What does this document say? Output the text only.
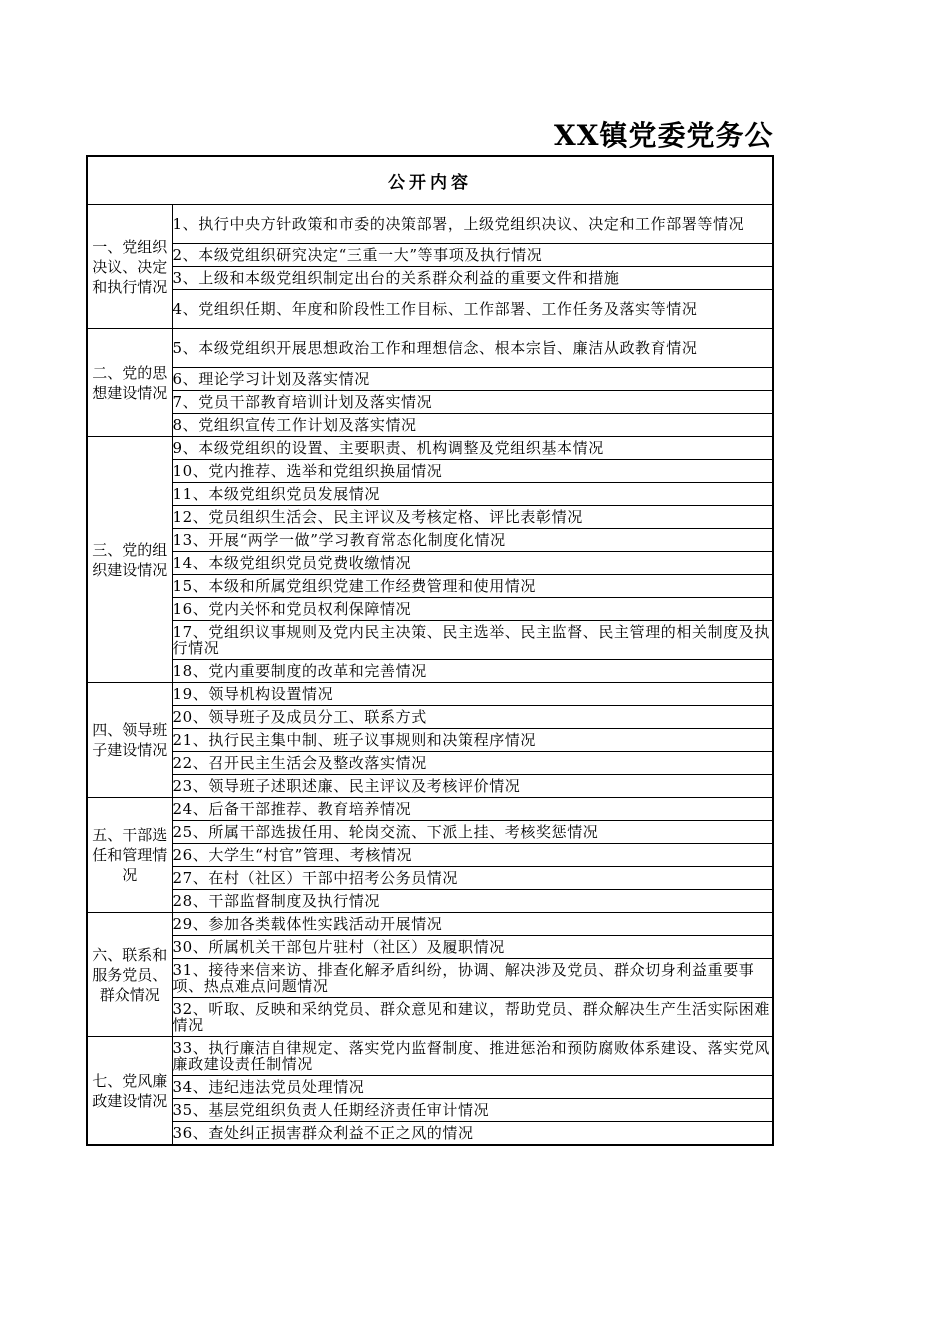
XX镇党委党务公
公开内容	
一、党组织决议、决定和执行情况	1、执行中央方针政策和市委的决策部署，上级党组织决议、决定和工作部署等情况
	2、本级党组织研究决定“三重一大”等事项及执行情况
	3、上级和本级党组织制定出台的关系群众利益的重要文件和措施
	4、党组织任期、年度和阶段性工作目标、工作部署、工作任务及落实等情况
二、党的思想建设情况	5、本级党组织开展思想政治工作和理想信念、根本宗旨、廉洁从政教育情况
	6、理论学习计划及落实情况
	7、党员干部教育培训计划及落实情况
	8、党组织宣传工作计划及落实情况
三、党的组织建设情况	9、本级党组织的设置、主要职责、机构调整及党组织基本情况
	10、党内推荐、选举和党组织换届情况
	11、本级党组织党员发展情况
	12、党员组织生活会、民主评议及考核定格、评比表彰情况
	13、开展“两学一做”学习教育常态化制度化情况
	14、本级党组织党员党费收缴情况
	15、本级和所属党组织党建工作经费管理和使用情况
	16、党内关怀和党员权利保障情况
	17、党组织议事规则及党内民主决策、民主选举、民主监督、民主管理的相关制度及执行情况
	18、党内重要制度的改革和完善情况
四、领导班子建设情况	19、领导机构设置情况
	20、领导班子及成员分工、联系方式
	21、执行民主集中制、班子议事规则和决策程序情况
	22、召开民主生活会及整改落实情况
	23、领导班子述职述廉、民主评议及考核评价情况
五、干部选任和管理情况	24、后备干部推荐、教育培养情况
	25、所属干部选拔任用、轮岗交流、下派上挂、考核奖惩情况
	26、大学生“村官”管理、考核情况
	27、在村（社区）干部中招考公务员情况
	28、干部监督制度及执行情况
六、联系和服务党员、群众情况	29、参加各类载体性实践活动开展情况
	30、所属机关干部包片驻村（社区）及履职情况
	31、接待来信来访、排查化解矛盾纠纷，协调、解决涉及党员、群众切身利益重要事项、热点难点问题情况
	32、听取、反映和采纳党员、群众意见和建议，帮助党员、群众解决生产生活实际困难情况
七、党风廉政建设情况	33、执行廉洁自律规定、落实党内监督制度、推进惩治和预防腐败体系建设、落实党风廉政建设责任制情况
	34、违纪违法党员处理情况
	35、基层党组织负责人任期经济责任审计情况
	36、查处纠正损害群众利益不正之风的情况
